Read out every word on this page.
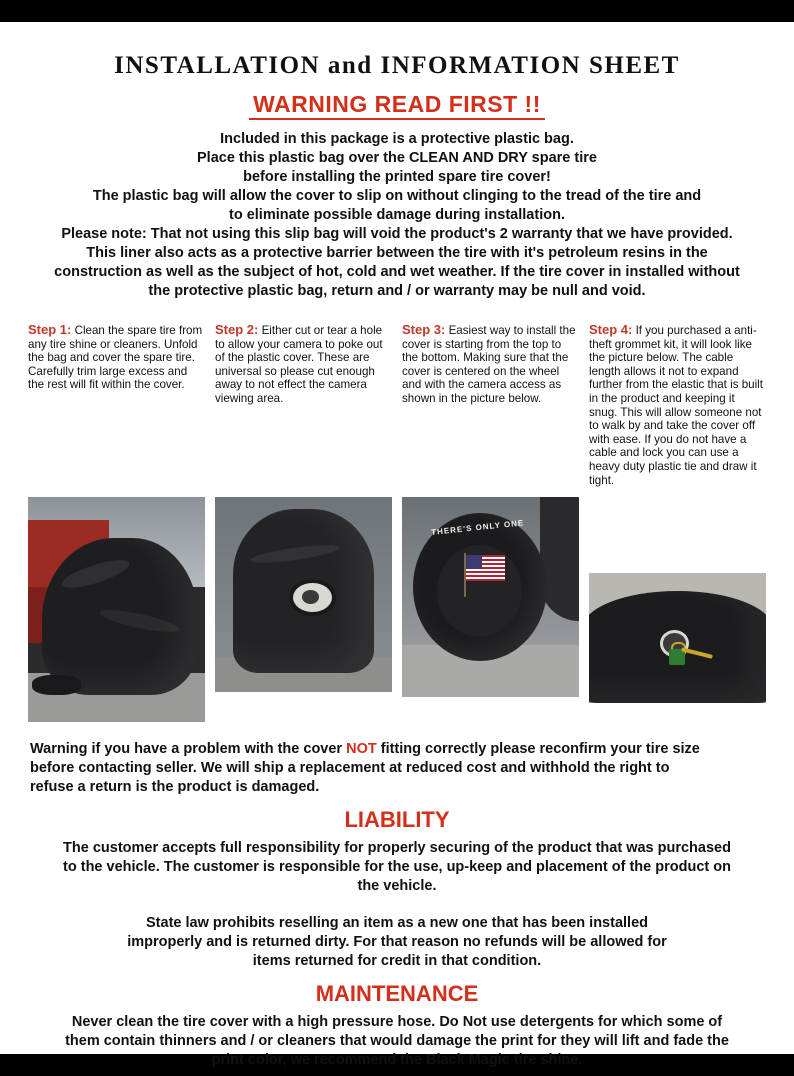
INSTALLATION and INFORMATION SHEET
WARNING READ FIRST !!

Included in this package is a protective plastic bag.

Place this plastic bag over the CLEAN AND DRY spare tire

before installing the printed spare tire cover!

The plastic bag will allow the cover to slip on without clinging to the tread of the tire and

to eliminate possible damage during installation.

Please note: That not using this slip bag will void the product's 2 warranty that we have provided.

This liner also acts as a protective barrier between the tire with it's petroleum resins in the

construction as well as the subject of hot, cold and wet weather. If the tire cover in installed without

the protective plastic bag, return and / or warranty may be null and void.

Step 1: Clean the spare tire from any tire shine or cleaners. Unfold the bag and cover the spare tire. Carefully trim large excess and the rest will fit within the cover.
Step 2: Either cut or tear a hole to allow your camera to poke out of the plastic cover. These are universal so please cut enough away to not effect the camera viewing area.
Step 3: Easiest way to install the cover is starting from the top to the bottom. Making sure that the cover is centered on the wheel and with the camera access as shown in the picture below.
Step 4: If you purchased a anti-theft grommet kit, it will look like the picture below. The cable length allows it not to expand further from the elastic that is built in the product and keeping it snug. This will allow someone not to walk by and take the cover off with ease. If you do not have a cable and lock you can use a heavy duty plastic tie and draw it tight.
THERE'S ONLY ONE

Warning if you have a problem with the cover NOT fitting correctly please reconfirm your tire size

before contacting seller. We will ship a replacement at reduced cost and withhold the right to

refuse a return is the product is damaged.

LIABILITY

The customer accepts full responsibility for properly securing of the product that was purchased

to the vehicle. The customer is responsible for the use, up-keep and placement of the product on

the vehicle.

State law prohibits reselling an item as a new one that has been installed

improperly and is returned dirty. For that reason no refunds will be allowed for

items returned for credit in that condition.

MAINTENANCE

Never clean the tire cover with a high pressure hose. Do Not use detergents for which some of

them contain thinners and / or cleaners that would damage the print for they will lift and fade the

print color, we recommend the Black Magic tire shine.
